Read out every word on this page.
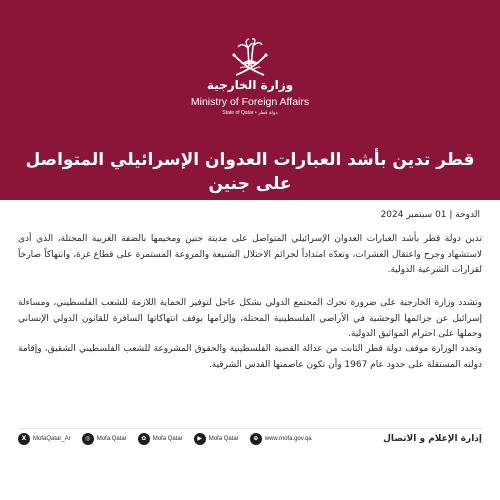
وزارة الخارجية
Ministry of Foreign Affairs
State of Qatar • دولة قطر
قطر تدين بأشد العبارات العدوان الإسرائيلي المتواصل على جنين
الدوحة | 01 سبتمبر 2024

تدين دولة قطر بأشد العبارات العدوان الإسرائيلي المتواصل على مدينة جنين ومخيمها بالضفة الغربية المحتلة، الذي أدى لاستشهاد وجرح واعتقال العشرات، وتعدّه امتداداً لجرائم الاحتلال الشنيعة والمروعة المستمرة على قطاع غزة، وانتهاكاً صارخاً لقرارات الشرعية الدولية.

وتشدد وزارة الخارجية على ضرورة تحرك المجتمع الدولي بشكل عاجل لتوفير الحماية اللازمة للشعب الفلسطيني، ومساءلة إسرائيل عن جرائمها الوحشية في الأراضي الفلسطينية المحتلة، وإلزامها بوقف انتهاكاتها السافرة للقانون الدولي الإنساني وحملها على احترام المواثيق الدولية.

وتجدد الوزارة موقف دولة قطر الثابت من عدالة القضية الفلسطينية والحقوق المشروعة للشعب الفلسطيني الشقيق، وإقامة دولته المستقلة على حدود عام 1967 وأن تكون عاصمتها القدس الشرقية.

إدارة الإعلام و الاتصال
X	MofaQatar_Ar	◎	Mofa.Qatar	✿	Mofa Qatar	▶	Mofa Qatar	⊕	www.mofa.gov.qa
